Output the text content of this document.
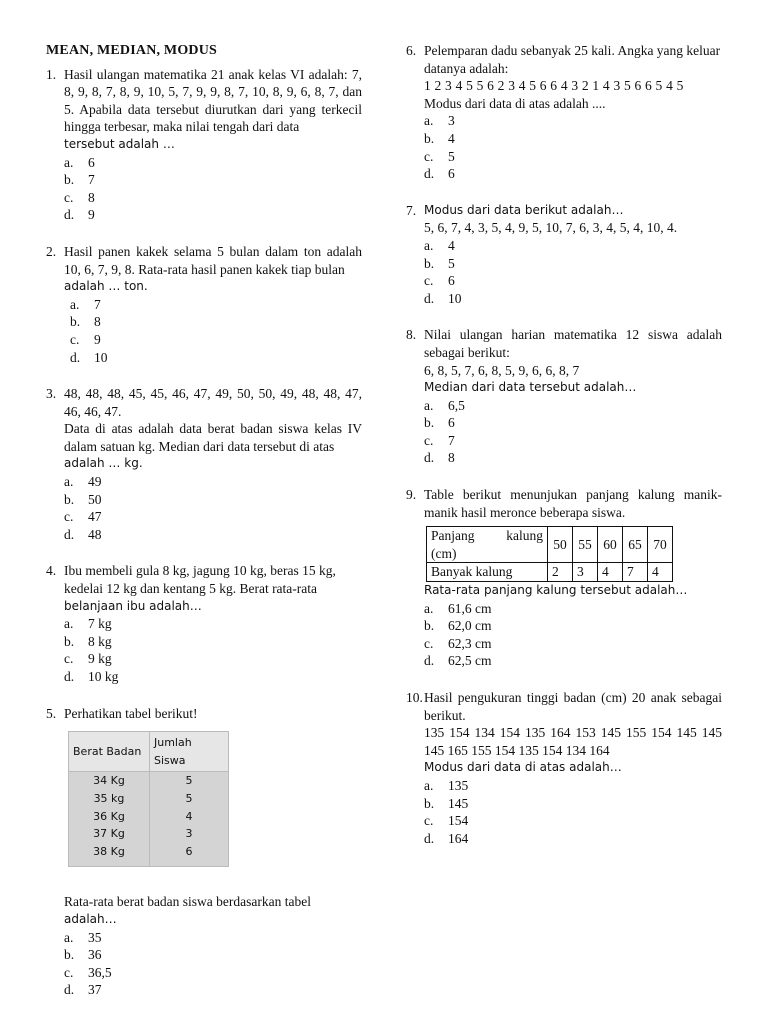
MEAN, MEDIAN, MODUS
1. Hasil ulangan matematika 21 anak kelas VI adalah: 7, 8, 9, 8, 7, 8, 9, 10, 5, 7, 9, 9, 8, 7, 10, 8, 9, 6, 8, 7, dan 5. Apabila data tersebut diurutkan dari yang terkecil hingga terbesar, maka nilai tengah dari data

tersebut adalah …
a. 6
b. 7
c. 8
d. 9
2. Hasil panen kakek selama 5 bulan dalam ton adalah 10, 6, 7, 9, 8. Rata-rata hasil panen kakek tiap bulan

adalah … ton.
a. 7
b. 8
c. 9
d. 10
3. 48, 48, 48, 45, 45, 46, 47, 49, 50, 50, 49, 48, 48, 47, 46, 46, 47.

Data di atas adalah data berat badan siswa kelas IV dalam satuan kg. Median dari data tersebut di atas

adalah … kg.
a. 49
b. 50
c. 47
d. 48
4. Ibu membeli gula 8 kg, jagung 10 kg, beras 15 kg, kedelai 12 kg dan kentang 5 kg. Berat rata-rata

belanjaan ibu adalah…
a. 7 kg
b. 8 kg
c. 9 kg
d. 10 kg
5. Perhatikan tabel berikut!

Berat Badan	Jumlah Siswa
34 Kg	5
35 kg	5
36 Kg	4
37 Kg	3
38 Kg	6

Rata-rata berat badan siswa berdasarkan tabel

adalah…
a. 35
b. 36
c. 36,5
d. 37
6. Pelemparan dadu sebanyak 25 kali. Angka yang keluar datanya adalah:

1 2 3 4 5 5 6 2 3 4 5 6 6 4 3 2 1 4 3 5 6 6 5 4 5

Modus dari data di atas adalah ....

a. 3
b. 4
c. 5
d. 6
7. Modus dari data berikut adalah…

5, 6, 7, 4, 3, 5, 4, 9, 5, 10, 7, 6, 3, 4, 5, 4, 10, 4.

a. 4
b. 5
c. 6
d. 10
8. Nilai ulangan harian matematika 12 siswa adalah sebagai berikut:

6, 8, 5, 7, 6, 8, 5, 9, 6, 6, 8, 7

Median dari data tersebut adalah…
a. 6,5
b. 6
c. 7
d. 8
9. Table berikut menunjukan panjang kalung manik-manik hasil meronce beberapa siswa.

Panjang kalung
(cm)	50	55	60	65	70
Banyak kalung	2	3	4	7	4
Rata-rata panjang kalung tersebut adalah…
a. 61,6 cm
b. 62,0 cm
c. 62,3 cm
d. 62,5 cm
10. Hasil pengukuran tinggi badan (cm) 20 anak sebagai berikut.

135 154 134 154 135 164 153 145 155 154 145 145 145 165 155 154 135 154 134 164

Modus dari data di atas adalah…
a. 135
b. 145
c. 154
d. 164
